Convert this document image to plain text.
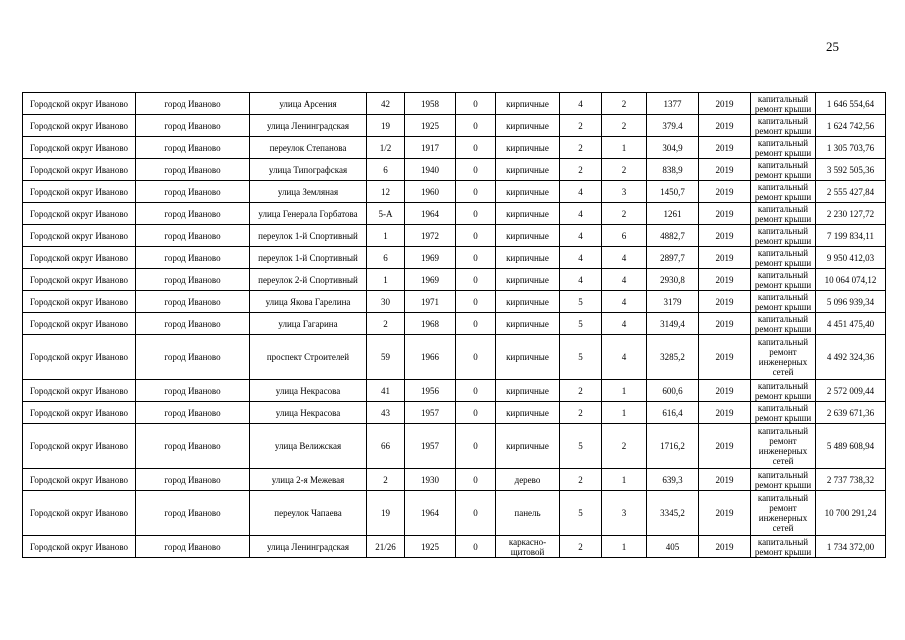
25
Городской округ Иваново	город Иваново	улица Арсения	42	1958	0	кирпичные	4	2	1377	2019	капитальный ремонт крыши	1 646 554,64
Городской округ Иваново	город Иваново	улица Ленинградская	19	1925	0	кирпичные	2	2	379.4	2019	капитальный ремонт крыши	1 624 742,56
Городской округ Иваново	город Иваново	переулок Степанова	1/2	1917	0	кирпичные	2	1	304,9	2019	капитальный ремонт крыши	1 305 703,76
Городской округ Иваново	город Иваново	улица Типографская	6	1940	0	кирпичные	2	2	838,9	2019	капитальный ремонт крыши	3 592 505,36
Городской округ Иваново	город Иваново	улица Земляная	12	1960	0	кирпичные	4	3	1450,7	2019	капитальный ремонт крыши	2 555 427,84
Городской округ Иваново	город Иваново	улица Генерала Горбатова	5-А	1964	0	кирпичные	4	2	1261	2019	капитальный ремонт крыши	2 230 127,72
Городской округ Иваново	город Иваново	переулок 1-й Спортивный	1	1972	0	кирпичные	4	6	4882,7	2019	капитальный ремонт крыши	7 199 834,11
Городской округ Иваново	город Иваново	переулок 1-й Спортивный	6	1969	0	кирпичные	4	4	2897,7	2019	капитальный ремонт крыши	9 950 412,03
Городской округ Иваново	город Иваново	переулок 2-й Спортивный	1	1969	0	кирпичные	4	4	2930,8	2019	капитальный ремонт крыши	10 064 074,12
Городской округ Иваново	город Иваново	улица Якова Гарелина	30	1971	0	кирпичные	5	4	3179	2019	капитальный ремонт крыши	5 096 939,34
Городской округ Иваново	город Иваново	улица Гагарина	2	1968	0	кирпичные	5	4	3149,4	2019	капитальный ремонт крыши	4 451 475,40
Городской округ Иваново	город Иваново	проспект Строителей	59	1966	0	кирпичные	5	4	3285,2	2019	капитальный ремонт инженерных сетей	4 492 324,36
Городской округ Иваново	город Иваново	улица Некрасова	41	1956	0	кирпичные	2	1	600,6	2019	капитальный ремонт крыши	2 572 009,44
Городской округ Иваново	город Иваново	улица Некрасова	43	1957	0	кирпичные	2	1	616,4	2019	капитальный ремонт крыши	2 639 671,36
Городской округ Иваново	город Иваново	улица Велижская	66	1957	0	кирпичные	5	2	1716,2	2019	капитальный ремонт инженерных сетей	5 489 608,94
Городской округ Иваново	город Иваново	улица 2-я Межевая	2	1930	0	дерево	2	1	639,3	2019	капитальный ремонт крыши	2 737 738,32
Городской округ Иваново	город Иваново	переулок Чапаева	19	1964	0	панель	5	3	3345,2	2019	капитальный ремонт инженерных сетей	10 700 291,24
Городской округ Иваново	город Иваново	улица Ленинградская	21/26	1925	0	каркасно-щитовой	2	1	405	2019	капитальный ремонт крыши	1 734 372,00
